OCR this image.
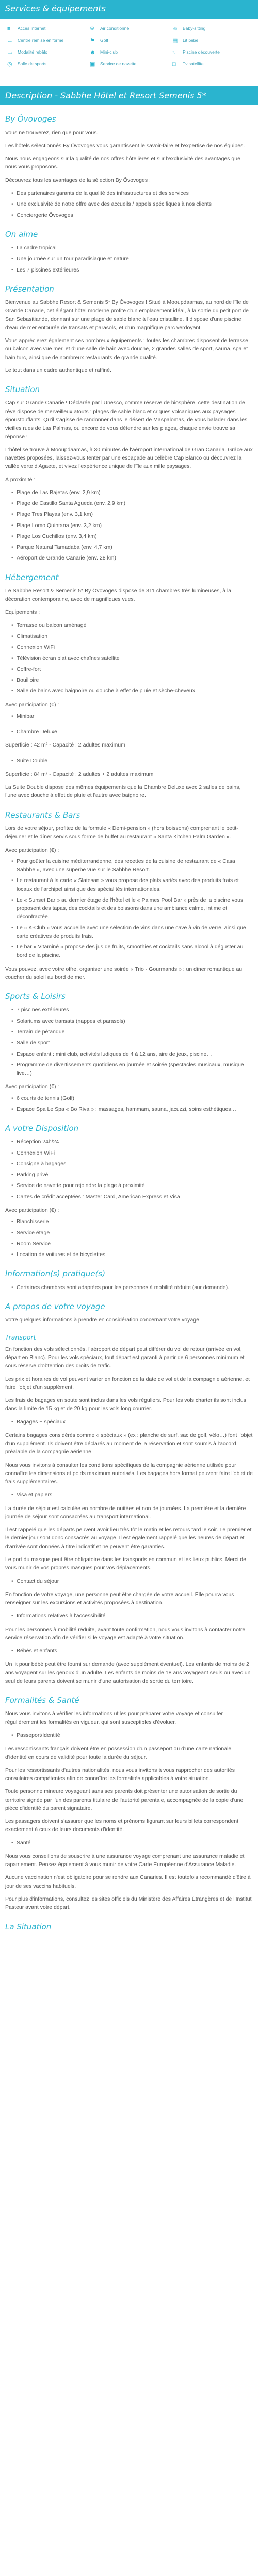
Services & équipements
≡	Accès Internet	❄	Air conditionné	☺ Baby-sitting
↔ Centre remise en forme	⚑ Golf	▤ Lit bébé
▭ Modalité rebâlo	☻ Mini-club	≈	Piscine découverte
◎ Salle de sports	▣ Service de navette	□	Tv satellite
Description - Sabbhe Hôtel et Resort Semenis 5*
By Ôvovoges

Vous ne trouverez, rien que pour vous.

Les hôtels sélectionnés By Ôvovoges vous garantissent le savoir-faire et l'expertise de nos équipes.

Nous nous engageons sur la qualité de nos offres hôtelières et sur l'exclusivité des avantages que nous vous proposons.

Découvrez tous les avantages de la sélection By Ôvovoges :

• Des partenaires garants de la qualité des infrastructures et des services
• Une exclusivité de notre offre avec des accueils / appels spécifiques à nos clients
• Conciergerie Ôvovoges
On aime
• La cadre tropical
• Une journée sur un tour paradisiaque et nature
• Les 7 piscines extérieures
Présentation

Bienvenue au Sabbhe Resort & Semenis 5* By Ôvovoges ! Situé à Mooupdaamas, au nord de l'île de Grande Canarie, cet élégant hôtel moderne profite d'un emplacement idéal, à la sortie du petit port de San Sebasitiande, donnant sur une plage de sable blanc à l'eau cristalline. Il dispose d'une piscine d'eau de mer entourée de transats et parasols, et d'un magnifique parc verdoyant.

Vous apprécierez également ses nombreux équipements : toutes les chambres disposent de terrasse ou balcon avec vue mer, et d'une salle de bain avec douche, 2 grandes salles de sport, sauna, spa et bain turc, ainsi que de nombreux restaurants de grande qualité.

Le tout dans un cadre authentique et raffiné.

Situation

Cap sur Grande Canarie ! Déclarée par l'Unesco, comme réserve de biosphère, cette destination de rêve dispose de merveilleux atouts : plages de sable blanc et criques volcaniques aux paysages époustouflants. Qu'il s'agisse de randonner dans le désert de Maspalomas, de vous balader dans les vieilles rues de Las Palmas, ou encore de vous détendre sur les plages, chaque envie trouve sa réponse !

L'hôtel se trouve à Mooupdaamas, à 30 minutes de l'aéroport international de Gran Canaria. Grâce aux navettes proposées, laissez-vous tenter par une escapade au célèbre Cap Blanco ou découvrez la vallée verte d'Agaete, et vivez l'expérience unique de l'île aux mille paysages.

À proximité :

• Plage de Las Bajetas (env. 2,9 km)
• Plage de Castillo Santa Agueda (env. 2,9 km)
• Plage Tres Playas (env. 3,1 km)
• Plage Lomo Quintana (env. 3,2 km)
• Plage Los Cuchillos (env. 3,4 km)
• Parque Natural Tamadaba (env. 4,7 km)
• Aéroport de Grande Canarie (env. 28 km)
Hébergement

Le Sabbhe Resort & Semenis 5* By Ôvovoges dispose de 311 chambres très lumineuses, à la décoration contemporaine, avec de magnifiques vues.

Équipements :

• Terrasse ou balcon aménagé
• Climatisation
• Connexion WiFi
• Télévision écran plat avec chaînes satellite
• Coffre-fort
• Bouilloire
• Salle de bains avec baignoire ou douche à effet de pluie et sèche-cheveux

Avec participation (€) :

• Minibar
• Chambre Deluxe

Superficie : 42 m² - Capacité : 2 adultes maximum

• Suite Double

Superficie : 84 m² - Capacité : 2 adultes + 2 adultes maximum

La Suite Double dispose des mêmes équipements que la Chambre Deluxe avec 2 salles de bains, l'une avec douche à effet de pluie et l'autre avec baignoire.

Restaurants & Bars

Lors de votre séjour, profitez de la formule « Demi-pension » (hors boissons) comprenant le petit-déjeuner et le dîner servis sous forme de buffet au restaurant « Santa Kitchen Palm Garden ».

Avec participation (€) :

• Pour goûter la cuisine méditerranéenne, des recettes de la cuisine de restaurant de « Casa Sabbhe », avec une superbe vue sur le Sabbhe Resort.
• Le restaurant à la carte « Slatesan » vous propose des plats variés avec des produits frais et locaux de l'archipel ainsi que des spécialités internationales.
• Le « Sunset Bar » au dernier étage de l'hôtel et le « Palmes Pool Bar » près de la piscine vous proposent des tapas, des cocktails et des boissons dans une ambiance calme, intime et décontractée.
• Le « K-Club » vous accueille avec une sélection de vins dans une cave à vin de verre, ainsi que carte créatives de produits frais.
• Le bar « Vitaminé » propose des jus de fruits, smoothies et cocktails sans alcool à déguster au bord de la piscine.

Vous pouvez, avec votre offre, organiser une soirée « Trio - Gourmands » : un dîner romantique au coucher du soleil au bord de mer.

Sports & Loisirs
• 7 piscines extérieures
• Solariums avec transats (nappes et parasols)
• Terrain de pétanque
• Salle de sport
• Espace enfant : mini club, activités ludiques de 4 à 12 ans, aire de jeux, piscine…
• Programme de divertissements quotidiens en journée et soirée (spectacles musicaux, musique live…)

Avec participation (€) :

• 6 courts de tennis (Golf)
• Espace Spa Le Spa « Bo Riva » : massages, hammam, sauna, jacuzzi, soins esthétiques…
A votre Disposition
• Réception 24h/24
• Connexion WiFi
• Consigne à bagages
• Parking privé
• Service de navette pour rejoindre la plage à proximité
• Cartes de crédit acceptées : Master Card, American Express et Visa

Avec participation (€) :

• Blanchisserie
• Service étage
• Room Service
• Location de voitures et de bicyclettes
Information(s) pratique(s)
• Certaines chambres sont adaptées pour les personnes à mobilité réduite (sur demande).
A propos de votre voyage

Votre quelques informations à prendre en considération concernant votre voyage

Transport

En fonction des vols sélectionnés, l'aéroport de départ peut différer du vol de retour (arrivée en vol, départ en Blanc). Pour les vols spéciaux, tout départ est garanti à partir de 6 personnes minimum et sous réserve d'obtention des droits de trafic.

Les prix et horaires de vol peuvent varier en fonction de la date de vol et de la compagnie aérienne, et faire l'objet d'un supplément.

Les frais de bagages en soute sont inclus dans les vols réguliers. Pour les vols charter ils sont inclus dans la limite de 15 kg et de 20 kg pour les vols long courrier.

• Bagages + spéciaux

Certains bagages considérés comme « spéciaux » (ex : planche de surf, sac de golf, vélo…) font l'objet d'un supplément. Ils doivent être déclarés au moment de la réservation et sont soumis à l'accord préalable de la compagnie aérienne.

Nous vous invitons à consulter les conditions spécifiques de la compagnie aérienne utilisée pour connaître les dimensions et poids maximum autorisés. Les bagages hors format peuvent faire l'objet de frais supplémentaires.

• Visa et papiers

La durée de séjour est calculée en nombre de nuitées et non de journées. La première et la dernière journée de séjour sont consacrées au transport international.

Il est rappelé que les départs peuvent avoir lieu très tôt le matin et les retours tard le soir. Le premier et le dernier jour sont donc consacrés au voyage. Il est également rappelé que les heures de départ et d'arrivée sont données à titre indicatif et ne peuvent être garanties.

Le port du masque peut être obligatoire dans les transports en commun et les lieux publics. Merci de vous munir de vos propres masques pour vos déplacements.

• Contact du séjour

En fonction de votre voyage, une personne peut être chargée de votre accueil. Elle pourra vous renseigner sur les excursions et activités proposées à destination.

• Informations relatives à l'accessibilité

Pour les personnes à mobilité réduite, avant toute confirmation, nous vous invitons à contacter notre service réservation afin de vérifier si le voyage est adapté à votre situation.

• Bébés et enfants

Un lit pour bébé peut être fourni sur demande (avec supplément éventuel). Les enfants de moins de 2 ans voyagent sur les genoux d'un adulte. Les enfants de moins de 18 ans voyageant seuls ou avec un seul de leurs parents doivent se munir d'une autorisation de sortie du territoire.

Formalités & Santé

Nous vous invitons à vérifier les informations utiles pour préparer votre voyage et consulter régulièrement les formalités en vigueur, qui sont susceptibles d'évoluer.

• Passeport/Identité

Les ressortissants français doivent être en possession d'un passeport ou d'une carte nationale d'identité en cours de validité pour toute la durée du séjour.

Pour les ressortissants d'autres nationalités, nous vous invitons à vous rapprocher des autorités consulaires compétentes afin de connaître les formalités applicables à votre situation.

Toute personne mineure voyageant sans ses parents doit présenter une autorisation de sortie du territoire signée par l'un des parents titulaire de l'autorité parentale, accompagnée de la copie d'une pièce d'identité du parent signataire.

Les passagers doivent s'assurer que les noms et prénoms figurant sur leurs billets correspondent exactement à ceux de leurs documents d'identité.

• Santé

Nous vous conseillons de souscrire à une assurance voyage comprenant une assurance maladie et rapatriement. Pensez également à vous munir de votre Carte Européenne d'Assurance Maladie.

Aucune vaccination n'est obligatoire pour se rendre aux Canaries. Il est toutefois recommandé d'être à jour de ses vaccins habituels.

Pour plus d'informations, consultez les sites officiels du Ministère des Affaires Étrangères et de l'Institut Pasteur avant votre départ.

La Situation
